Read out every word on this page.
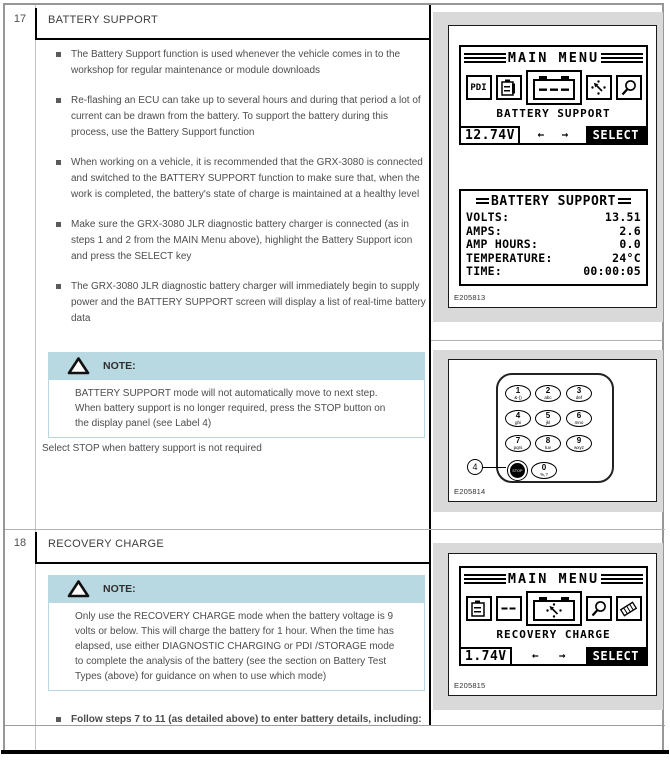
17	BATTERY SUPPORT
The Battery Support function is used whenever the vehicle comes in to the workshop for regular maintenance or module downloads
Re-flashing an ECU can take up to several hours and during that period a lot of current can be drawn from the battery. To support the battery during this process, use the Battery Support function
When working on a vehicle, it is recommended that the GRX-3080 is connected and switched to the BATTERY SUPPORT function to make sure that, when the work is completed, the battery's state of charge is maintained at a healthy level
Make sure the GRX-3080 JLR diagnostic battery charger is connected (as in steps 1 and 2 from the MAIN Menu above), highlight the Battery Support icon and press the SELECT key
The GRX-3080 JLR diagnostic battery charger will immediately begin to supply power and the BATTERY SUPPORT screen will display a list of real-time battery data
NOTE:
BATTERY SUPPORT mode will not automatically move to next step. When battery support is no longer required, press the STOP button on the display panel (see Label 4)
Select STOP when battery support is not required
18	RECOVERY CHARGE
NOTE:
Only use the RECOVERY CHARGE mode when the battery voltage is 9 volts or below. This will charge the battery for 1 hour. When the time has elapsed, use either DIAGNOSTIC CHARGING or PDI /STORAGE mode to complete the analysis of the battery (see the section on Battery Test Types (above) for guidance on when to use which mode)
Follow steps 7 to 11 (as detailed above) to enter battery details, including:
MAIN MENU
PDI
BATTERY SUPPORT
12.74V	← →	SELECT
BATTERY SUPPORT
VOLTS:	13.51
AMPS:	2.6
AMP HOURS:	0.0
TEMPERATURE:	24°C
TIME:	00:00:05
E205813
1
&-()
2
abc
3
def
4
ghi
5
jkl
6
mno
7
pqrs
8
tuv
9
wxyz
0
%,?
STOP
4
E205814
MAIN MENU
RECOVERY CHARGE
1.74V	← →	SELECT
E205815
